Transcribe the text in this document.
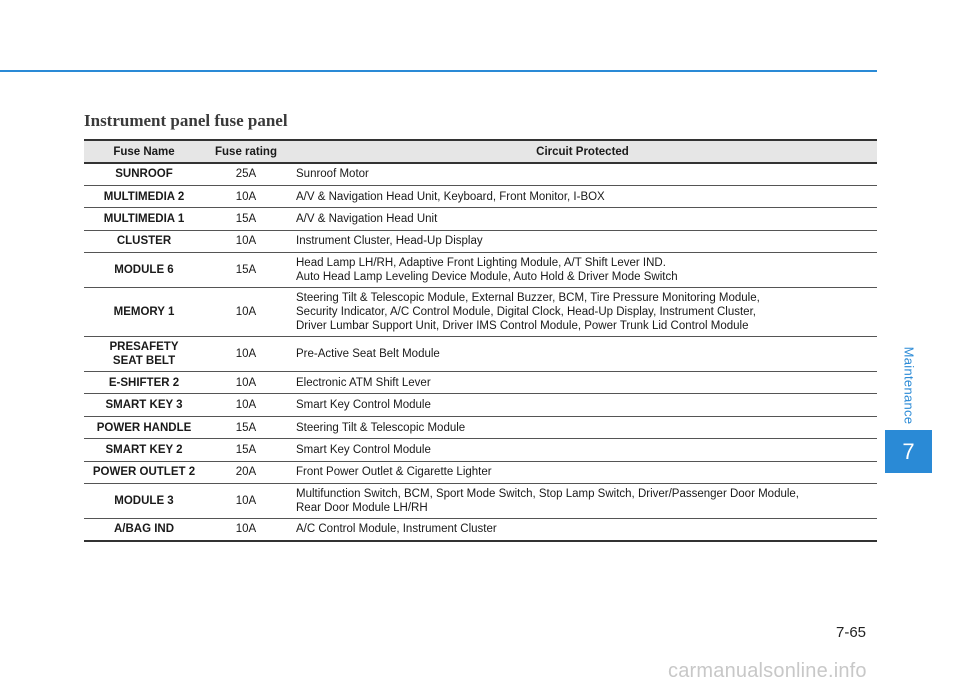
Instrument panel fuse panel
Fuse Name	Fuse rating	Circuit Protected

SUNROOF	25A	Sunroof Motor

MULTIMEDIA 2	10A	A/V & Navigation Head Unit, Keyboard, Front Monitor, I-BOX

MULTIMEDIA 1	15A	A/V & Navigation Head Unit

CLUSTER	10A	Instrument Cluster, Head-Up Display

MODULE 6	15A	Head Lamp LH/RH, Adaptive Front Lighting Module, A/T Shift Lever IND.
Auto Head Lamp Leveling Device Module, Auto Hold & Driver Mode Switch

MEMORY 1	10A	Steering Tilt & Telescopic Module, External Buzzer, BCM, Tire Pressure Monitoring Module,
Security Indicator, A/C Control Module, Digital Clock, Head-Up Display, Instrument Cluster,
Driver Lumbar Support Unit, Driver IMS Control Module, Power Trunk Lid Control Module

PRESAFETY
SEAT BELT	10A	Pre-Active Seat Belt Module

E-SHIFTER 2	10A	Electronic ATM Shift Lever

SMART KEY 3	10A	Smart Key Control Module

POWER HANDLE	15A	Steering Tilt & Telescopic Module

SMART KEY 2	15A	Smart Key Control Module

POWER OUTLET 2	20A	Front Power Outlet & Cigarette Lighter

MODULE 3	10A	Multifunction Switch, BCM, Sport Mode Switch, Stop Lamp Switch, Driver/Passenger Door Module,
Rear Door Module LH/RH

A/BAG IND	10A	A/C Control Module, Instrument Cluster
Maintenance
7
7-65
carmanualsonline.info
